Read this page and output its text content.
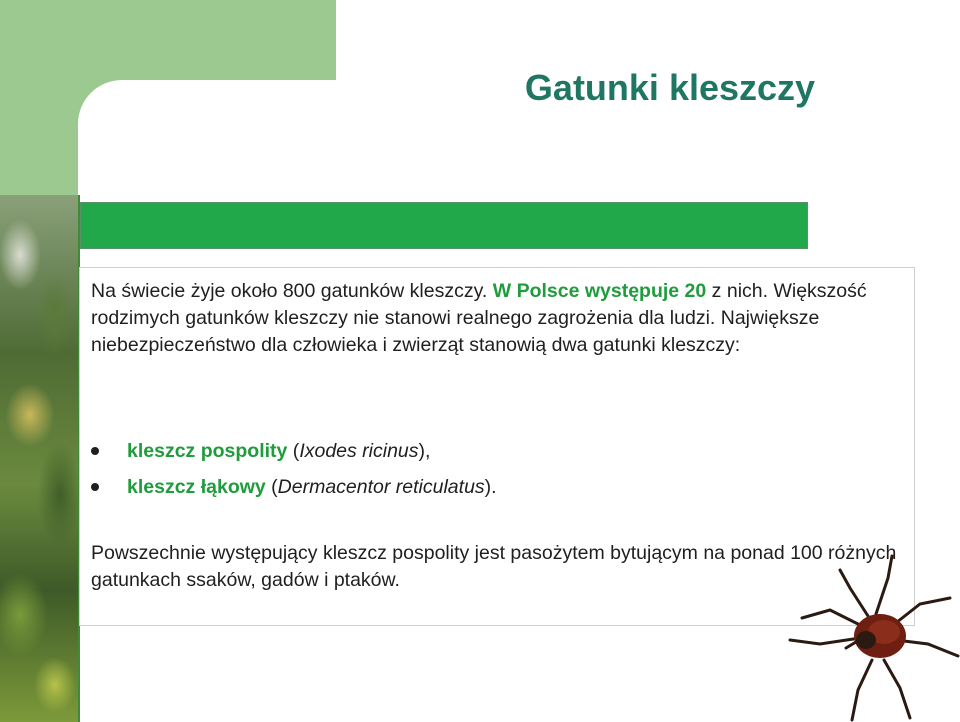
Gatunki kleszczy

Na świecie żyje około 800 gatunków kleszczy. W Polsce występuje 20 z nich. Większość rodzimych gatunków kleszczy nie stanowi realnego zagrożenia dla ludzi. Największe niebezpieczeństwo dla człowieka i zwierząt stanowią dwa gatunki kleszczy:

kleszcz pospolity (Ixodes ricinus),
kleszcz łąkowy (Dermacentor reticulatus).

Powszechnie występujący kleszcz pospolity jest pasożytem bytującym na ponad 100 różnych gatunkach ssaków, gadów i ptaków.
